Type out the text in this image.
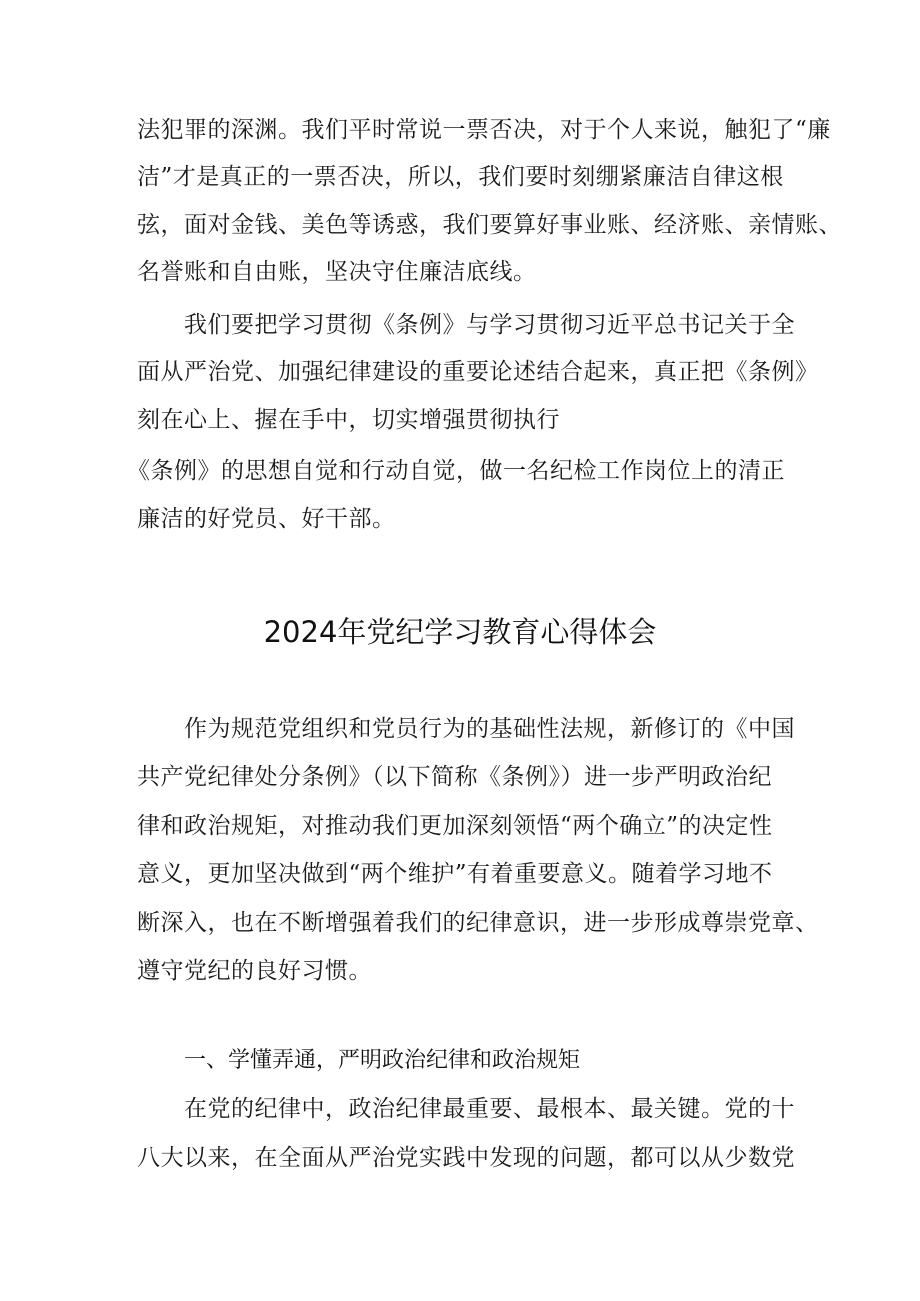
法犯罪的深渊。我们平时常说一票否决，对于个人来说，触犯了“廉
洁”才是真正的一票否决，所以，我们要时刻绷紧廉洁自律这根
弦，面对金钱、美色等诱惑，我们要算好事业账、经济账、亲情账、
名誉账和自由账，坚决守住廉洁底线。
我们要把学习贯彻《条例》与学习贯彻习近平总书记关于全
面从严治党、加强纪律建设的重要论述结合起来，真正把《条例》
刻在心上、握在手中，切实增强贯彻执行
《条例》的思想自觉和行动自觉，做一名纪检工作岗位上的清正
廉洁的好党员、好干部。
2024年党纪学习教育心得体会
作为规范党组织和党员行为的基础性法规，新修订的《中国
共产党纪律处分条例》（以下简称《条例》）进一步严明政治纪
律和政治规矩，对推动我们更加深刻领悟“两个确立”的决定性
意义，更加坚决做到“两个维护”有着重要意义。随着学习地不
断深入，也在不断增强着我们的纪律意识，进一步形成尊崇党章、
遵守党纪的良好习惯。
一、学懂弄通，严明政治纪律和政治规矩
在党的纪律中，政治纪律最重要、最根本、最关键。党的十
八大以来，在全面从严治党实践中发现的问题，都可以从少数党
